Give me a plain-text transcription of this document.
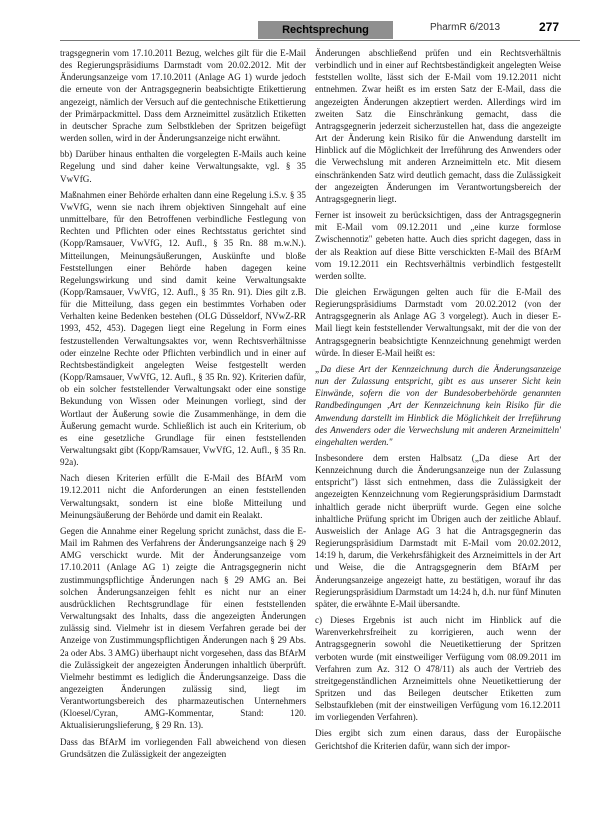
Rechtsprechung	PharmR 6/2013	277

tragsgegnerin vom 17.10.2011 Bezug, welches gilt für die E-Mail des Regierungspräsidiums Darmstadt vom 20.02.2012. Mit der Änderungsanzeige vom 17.10.2011 (Anlage AG 1) wurde jedoch die erneute von der Antragsgegnerin beabsichtigte Etikettierung angezeigt, nämlich der Versuch auf die gentechnische Etikettierung der Primärpackmittel. Dass dem Arzneimittel zusätzlich Etiketten in deutscher Sprache zum Selbstkleben der Spritzen beigefügt werden sollen, wird in der Änderungsanzeige nicht erwähnt.

bb) Darüber hinaus enthalten die vorgelegten E-Mails auch keine Regelung und sind daher keine Verwaltungsakte, vgl. § 35 VwVfG.

Maßnahmen einer Behörde erhalten dann eine Regelung i.S.v. § 35 VwVfG, wenn sie nach ihrem objektiven Sinngehalt auf eine unmittelbare, für den Betroffenen verbindliche Festlegung von Rechten und Pflichten oder eines Rechtsstatus gerichtet sind (Kopp/Ramsauer, VwVfG, 12. Aufl., § 35 Rn. 88 m.w.N.). Mitteilungen, Meinungsäußerungen, Auskünfte und bloße Feststellungen einer Behörde haben dagegen keine Regelungswirkung und sind damit keine Verwaltungsakte (Kopp/Ramsauer, VwVfG, 12. Aufl., § 35 Rn. 91). Dies gilt z.B. für die Mitteilung, dass gegen ein bestimmtes Vorhaben oder Verhalten keine Bedenken bestehen (OLG Düsseldorf, NVwZ-RR 1993, 452, 453). Dagegen liegt eine Regelung in Form eines festzustellenden Verwaltungsaktes vor, wenn Rechtsverhältnisse oder einzelne Rechte oder Pflichten verbindlich und in einer auf Rechtsbeständigkeit angelegten Weise festgestellt werden (Kopp/Ramsauer, VwVfG, 12. Aufl., § 35 Rn. 92). Kriterien dafür, ob ein solcher feststellender Verwaltungsakt oder eine sonstige Bekundung von Wissen oder Meinungen vorliegt, sind der Wortlaut der Äußerung sowie die Zusammenhänge, in dem die Äußerung gemacht wurde. Schließlich ist auch ein Kriterium, ob es eine gesetzliche Grundlage für einen feststellenden Verwaltungsakt gibt (Kopp/Ramsauer, VwVfG, 12. Aufl., § 35 Rn. 92a).

Nach diesen Kriterien erfüllt die E-Mail des BfArM vom 19.12.2011 nicht die Anforderungen an einen feststellenden Verwaltungsakt, sondern ist eine bloße Mitteilung und Meinungsäußerung der Behörde und damit ein Realakt.

Gegen die Annahme einer Regelung spricht zunächst, dass die E-Mail im Rahmen des Verfahrens der Änderungsanzeige nach § 29 AMG verschickt wurde. Mit der Änderungsanzeige vom 17.10.2011 (Anlage AG 1) zeigte die Antragsgegnerin nicht zustimmungspflichtige Änderungen nach § 29 AMG an. Bei solchen Änderungsanzeigen fehlt es nicht nur an einer ausdrücklichen Rechtsgrundlage für einen feststellenden Verwaltungsakt des Inhalts, dass die angezeigten Änderungen zulässig sind. Vielmehr ist in diesem Verfahren gerade bei der Anzeige von Zustimmungspflichtigen Änderungen nach § 29 Abs. 2a oder Abs. 3 AMG) überhaupt nicht vorgesehen, dass das BfArM die Zulässigkeit der angezeigten Änderungen inhaltlich überprüft. Vielmehr bestimmt es lediglich die Änderungsanzeige. Dass die angezeigten Änderungen zulässig sind, liegt im Verantwortungsbereich des pharmazeutischen Unternehmers (Kloesel/Cyran, AMG-Kommentar, Stand: 120. Aktualisierungslieferung, § 29 Rn. 13).

Dass das BfArM im vorliegenden Fall abweichend von diesen Grundsätzen die Zulässigkeit der angezeigten

Änderungen abschließend prüfen und ein Rechtsverhältnis verbindlich und in einer auf Rechtsbeständigkeit angelegten Weise feststellen wollte, lässt sich der E-Mail vom 19.12.2011 nicht entnehmen. Zwar heißt es im ersten Satz der E-Mail, dass die angezeigten Änderungen akzeptiert werden. Allerdings wird im zweiten Satz die Einschränkung gemacht, dass die Antragsgegnerin jederzeit sicherzustellen hat, dass die angezeigte Art der Änderung kein Risiko für die Anwendung darstellt im Hinblick auf die Möglichkeit der Irreführung des Anwenders oder die Verwechslung mit anderen Arzneimitteln etc. Mit diesem einschränkenden Satz wird deutlich gemacht, dass die Zulässigkeit der angezeigten Änderungen im Verantwortungsbereich der Antragsgegnerin liegt.

Ferner ist insoweit zu berücksichtigen, dass der Antragsgegnerin mit E-Mail vom 09.12.2011 und „eine kurze formlose Zwischennotiz" gebeten hatte. Auch dies spricht dagegen, dass in der als Reaktion auf diese Bitte verschickten E-Mail des BfArM vom 19.12.2011 ein Rechtsverhältnis verbindlich festgestellt werden sollte.

Die gleichen Erwägungen gelten auch für die E-Mail des Regierungspräsidiums Darmstadt vom 20.02.2012 (von der Antragsgegnerin als Anlage AG 3 vorgelegt). Auch in dieser E-Mail liegt kein feststellender Verwaltungsakt, mit der die von der Antragsgegnerin beabsichtigte Kennzeichnung genehmigt werden würde. In dieser E-Mail heißt es:

„Da diese Art der Kennzeichnung durch die Änderungsanzeige nun der Zulassung entspricht, gibt es aus unserer Sicht kein Einwände, sofern die von der Bundesoberbehörde genannten Randbedingungen ‚Art der Kennzeichnung kein Risiko für die Anwendung darstellt im Hinblick die Möglichkeit der Irreführung des Anwenders oder die Verwechslung mit anderen Arzneimitteln' eingehalten werden."

Insbesondere dem ersten Halbsatz („Da diese Art der Kennzeichnung durch die Änderungsanzeige nun der Zulassung entspricht") lässt sich entnehmen, dass die Zulässigkeit der angezeigten Kennzeichnung vom Regierungspräsidium Darmstadt inhaltlich gerade nicht überprüft wurde. Gegen eine solche inhaltliche Prüfung spricht im Übrigen auch der zeitliche Ablauf. Ausweislich der Anlage AG 3 hat die Antragsgegnerin das Regierungspräsidium Darmstadt mit E-Mail vom 20.02.2012, 14:19 h, darum, die Verkehrsfähigkeit des Arzneimittels in der Art und Weise, die die Antragsgegnerin dem BfArM per Änderungsanzeige angezeigt hatte, zu bestätigen, worauf ihr das Regierungspräsidium Darmstadt um 14:24 h, d.h. nur fünf Minuten später, die erwähnte E-Mail übersandte.

c) Dieses Ergebnis ist auch nicht im Hinblick auf die Warenverkehrsfreiheit zu korrigieren, auch wenn der Antragsgegnerin sowohl die Neuetikettierung der Spritzen verboten wurde (mit einstweiliger Verfügung vom 08.09.2011 im Verfahren zum Az. 312 O 478/11) als auch der Vertrieb des streitgegenständlichen Arzneimittels ohne Neuetikettierung der Spritzen und das Beilegen deutscher Etiketten zum Selbstaufkleben (mit der einstweiligen Verfügung vom 16.12.2011 im vorliegenden Verfahren).

Dies ergibt sich zum einen daraus, dass der Europäische Gerichtshof die Kriterien dafür, wann sich der impor-
